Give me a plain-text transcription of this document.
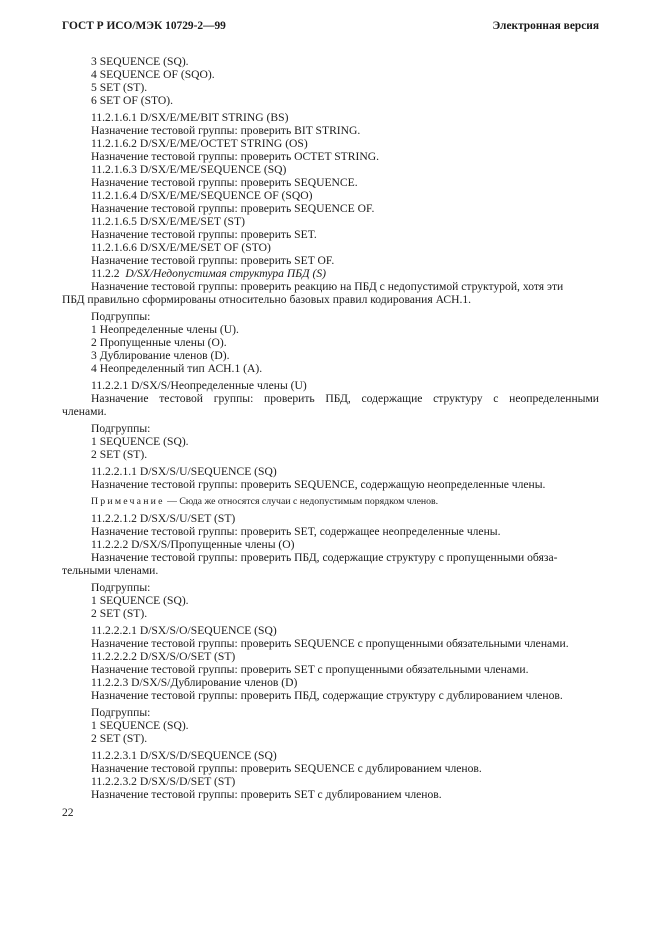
ГОСТ Р ИСО/МЭК 10729-2—99	Электронная версия

3 SEQUENCE (SQ).

4 SEQUENCE OF (SQO).

5 SET (ST).

6 SET OF (STO).

11.2.1.6.1 D/SX/E/ME/BIT STRING (BS)

Назначение тестовой группы: проверить BIT STRING.

11.2.1.6.2 D/SX/E/ME/OCTET STRING (OS)

Назначение тестовой группы: проверить OCTET STRING.

11.2.1.6.3 D/SX/E/ME/SEQUENCE (SQ)

Назначение тестовой группы: проверить SEQUENCE.

11.2.1.6.4 D/SX/E/ME/SEQUENCE OF (SQO)

Назначение тестовой группы: проверить SEQUENCE OF.

11.2.1.6.5 D/SX/E/ME/SET (ST)

Назначение тестовой группы: проверить SET.

11.2.1.6.6 D/SX/E/ME/SET OF (STO)

Назначение тестовой группы: проверить SET OF.

11.2.2 D/SX/Недопустимая структура ПБД (S)

Назначение тестовой группы: проверить реакцию на ПБД с недопустимой структурой, хотя эти

ПБД правильно сформированы относительно базовых правил кодирования АСН.1.

Подгруппы:

1 Неопределенные члены (U).

2 Пропущенные члены (O).

3 Дублирование членов (D).

4 Неопределенный тип АСН.1 (A).

11.2.2.1 D/SX/S/Неопределенные члены (U)

Назначение тестовой группы: проверить ПБД, содержащие структуру с неопределенными

членами.

Подгруппы:

1 SEQUENCE (SQ).

2 SET (ST).

11.2.2.1.1 D/SX/S/U/SEQUENCE (SQ)

Назначение тестовой группы: проверить SEQUENCE, содержащую неопределенные члены.

Примечание — Сюда же относятся случаи с недопустимым порядком членов.

11.2.2.1.2 D/SX/S/U/SET (ST)

Назначение тестовой группы: проверить SET, содержащее неопределенные члены.

11.2.2.2 D/SX/S/Пропущенные члены (O)

Назначение тестовой группы: проверить ПБД, содержащие структуру с пропущенными обяза-

тельными членами.

Подгруппы:

1 SEQUENCE (SQ).

2 SET (ST).

11.2.2.2.1 D/SX/S/O/SEQUENCE (SQ)

Назначение тестовой группы: проверить SEQUENCE с пропущенными обязательными членами.

11.2.2.2.2 D/SX/S/O/SET (ST)

Назначение тестовой группы: проверить SET с пропущенными обязательными членами.

11.2.2.3 D/SX/S/Дублирование членов (D)

Назначение тестовой группы: проверить ПБД, содержащие структуру с дублированием членов.

Подгруппы:

1 SEQUENCE (SQ).

2 SET (ST).

11.2.2.3.1 D/SX/S/D/SEQUENCE (SQ)

Назначение тестовой группы: проверить SEQUENCE с дублированием членов.

11.2.2.3.2 D/SX/S/D/SET (ST)

Назначение тестовой группы: проверить SET с дублированием членов.

22
